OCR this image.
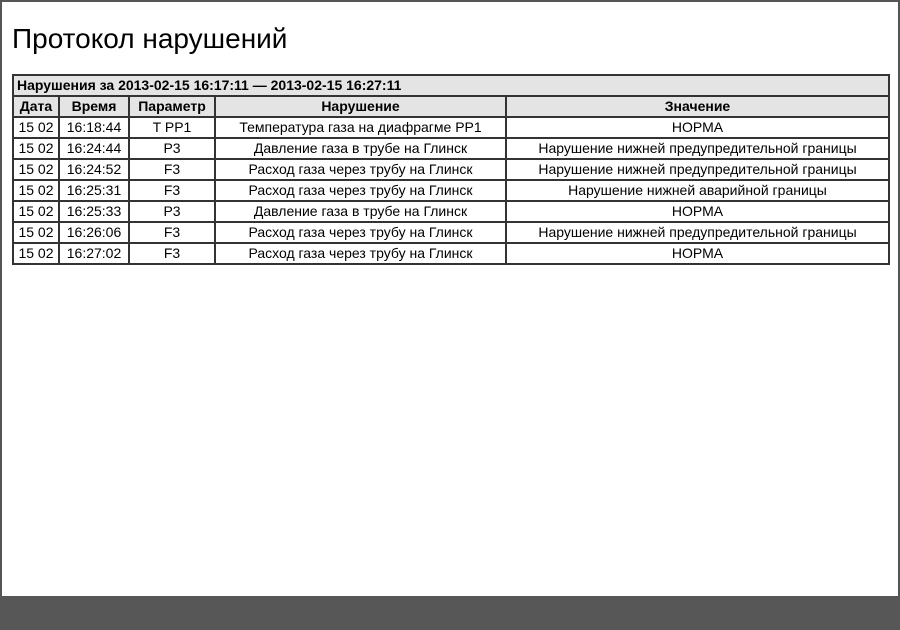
Протокол нарушений
Нарушения за 2013-02-15 16:17:11 — 2013-02-15 16:27:11				
Дата	Время	Параметр	Нарушение	Значение
15 02	16:18:44	T PP1	Температура газа на диафрагме PP1	НОРМА
15 02	16:24:44	P3	Давление газа в трубе на Глинск	Нарушение нижней предупредительной границы
15 02	16:24:52	F3	Расход газа через трубу на Глинск	Нарушение нижней предупредительной границы
15 02	16:25:31	F3	Расход газа через трубу на Глинск	Нарушение нижней аварийной границы
15 02	16:25:33	P3	Давление газа в трубе на Глинск	НОРМА
15 02	16:26:06	F3	Расход газа через трубу на Глинск	Нарушение нижней предупредительной границы
15 02	16:27:02	F3	Расход газа через трубу на Глинск	НОРМА
